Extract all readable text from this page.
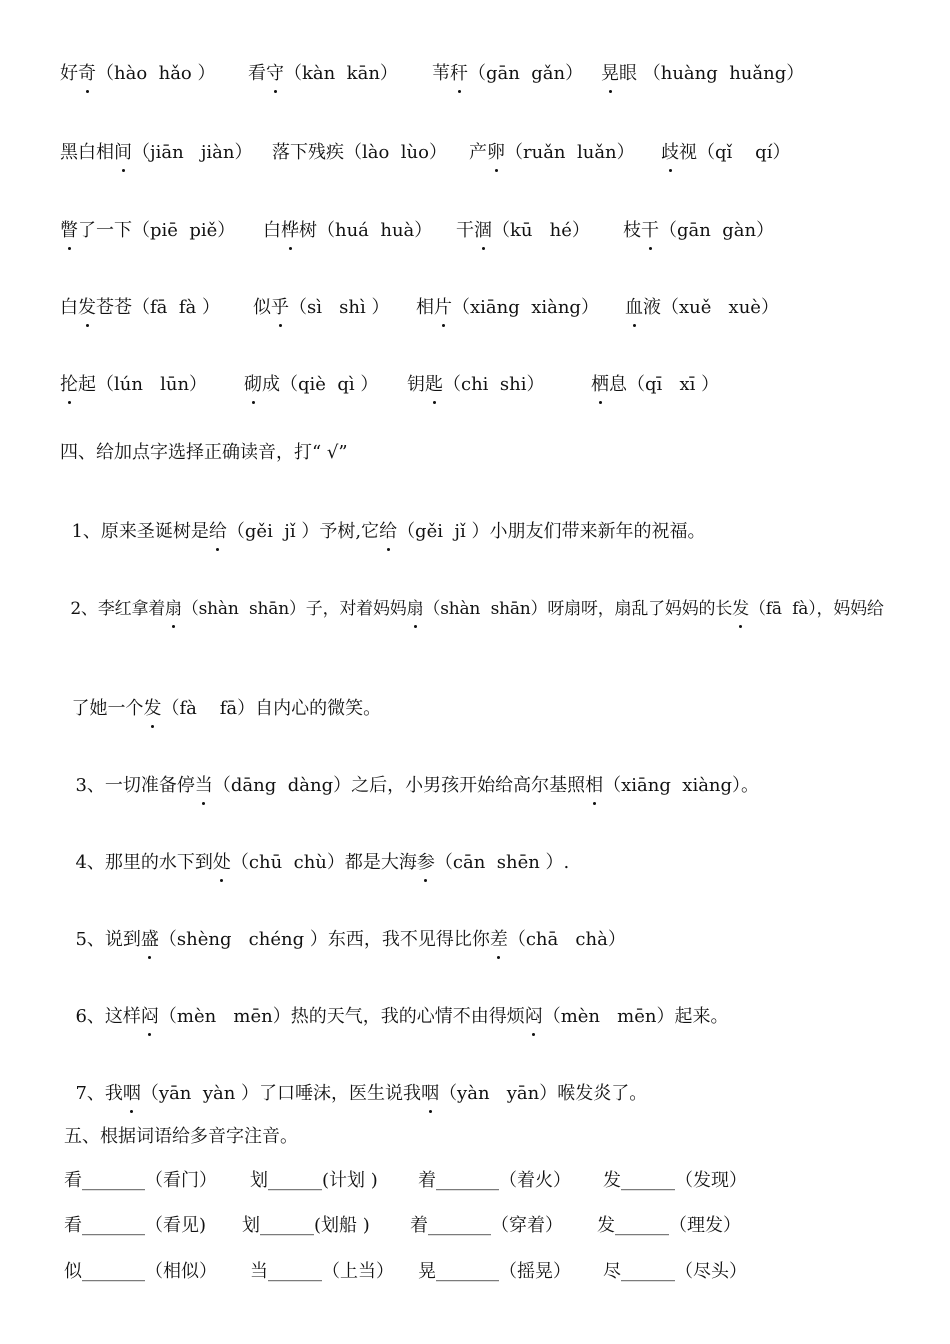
好奇
（hào  hǎo ） 看守
（kàn  kān） 苇秆
（gān  gǎn） 晃
眼 （huàng  huǎng）
黑白相间
（jiān   jiàn） 落下残疾（lào  lùo） 产卵
（ruǎn  luǎn） 歧
视（qǐ    qí）
瞥
了一下（piē  piě） 白桦
树（huá  huà） 干涸
（kū   hé） 枝干
（gān  gàn）
白发
苍苍（fā  fà ） 似乎
（sì   shì ） 相片
（xiāng  xiàng） 血
液（xuě   xuè）
抡
起（lún   lūn） 砌
成（qiè  qì ） 钥匙
（chi  shi）	栖
息（qī   xī ）
四、给加点字选择正确读音，打“ √”

1、原来圣诞树是给
（gěi  jǐ ）予树,它给
（gěi  jǐ ）小朋友们带来新年的祝福。

2、李红拿着扇
（shàn  shān）子，对着妈妈扇
（shàn  shān）呀扇呀，扇乱了妈妈的长发
（fā  fà），妈妈给

了她一个发
（fà    fā）自内心的微笑。

3、一切准备停当
（dāng  dàng）之后，小男孩开始给高尔基照相
（xiāng  xiàng）。

4、那里的水下到处
（chū  chù）都是大海参
（cān  shēn ）.

5、说到盛
（shèng   chéng ）东西，我不见得比你差
（chā   chà）

6、这样闷
（mèn   mēn）热的天气，我的心情不由得烦闷
（mèn   mēn）起来。

7、我咽
（yān  yàn ）了口唾沫，医生说我咽
（yàn   yān）喉发炎了。

五、根据词语给多音字注音。
看_______（看门） 划______(计划 ) 着_______（着火） 发______（发现）
看_______（看见) 划______(划船 ) 着_______（穿着） 发______（理发）
似_______（相似） 当______（上当） 晃_______（摇晃） 尽______（尽头）
